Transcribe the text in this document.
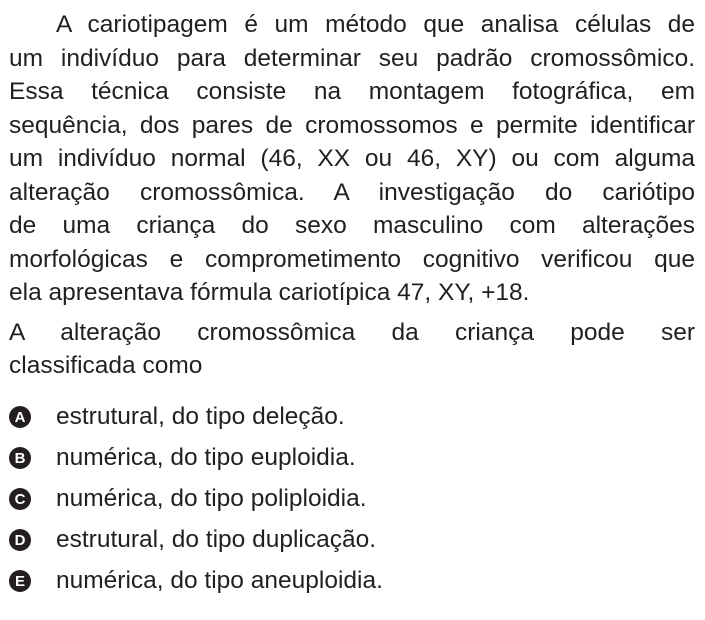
A cariotipagem é um método que analisa células de
um indivíduo para determinar seu padrão cromossômico.
Essa técnica consiste na montagem fotográfica, em
sequência, dos pares de cromossomos e permite identificar
um indivíduo normal (46, XX ou 46, XY) ou com alguma
alteração cromossômica. A investigação do cariótipo
de uma criança do sexo masculino com alterações
morfológicas e comprometimento cognitivo verificou que
ela apresentava fórmula cariotípica 47, XY, +18.
A alteração cromossômica da criança pode ser
classificada como
A estrutural, do tipo deleção.
B numérica, do tipo euploidia.
C numérica, do tipo poliploidia.
D estrutural, do tipo duplicação.
E numérica, do tipo aneuploidia.
